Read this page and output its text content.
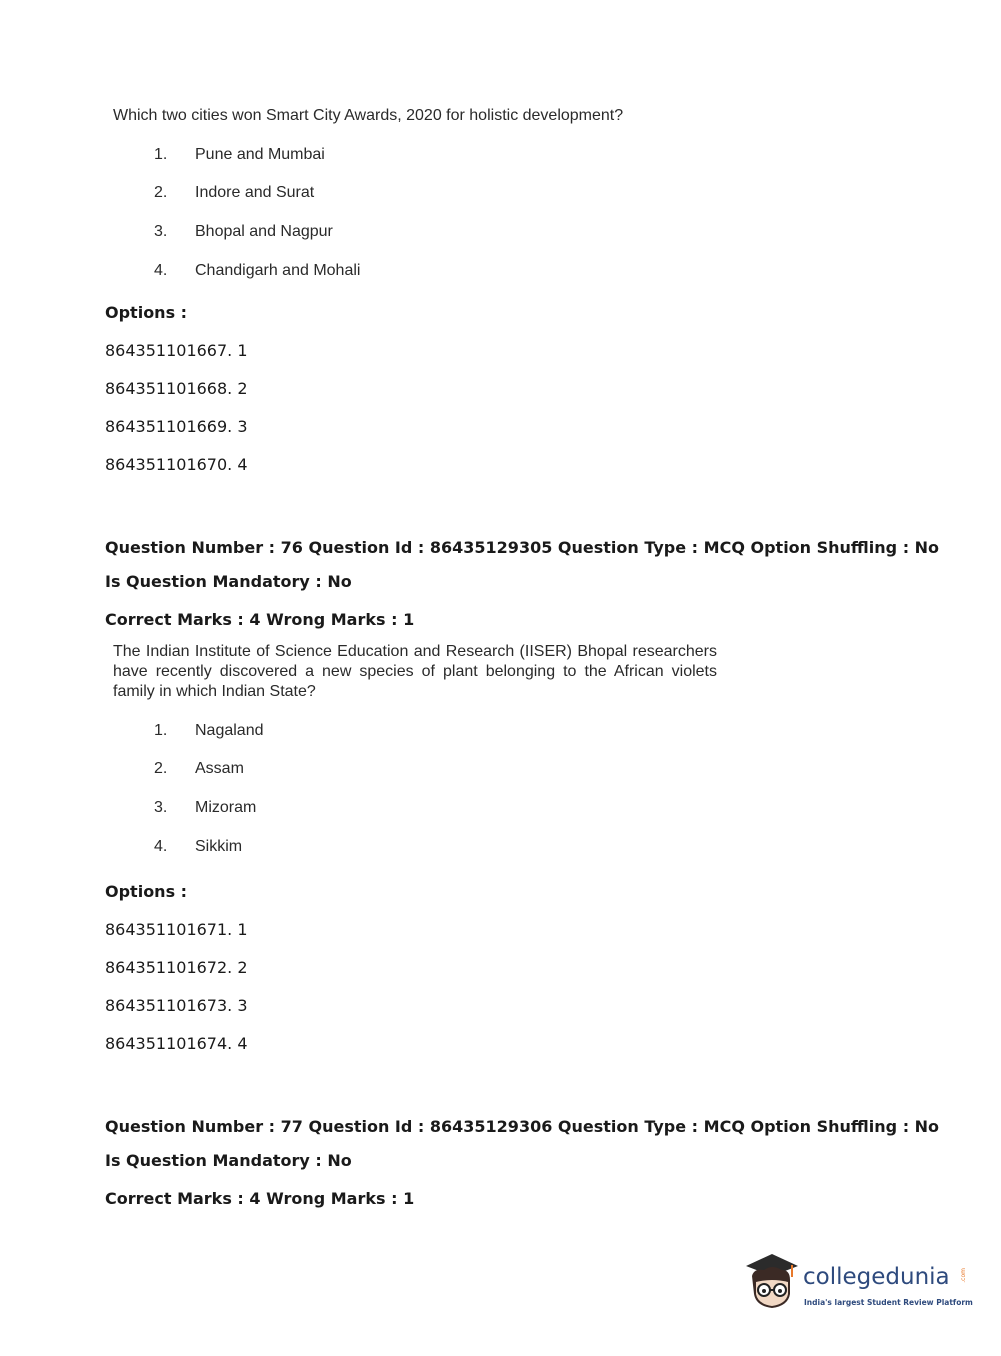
Which two cities won Smart City Awards, 2020 for holistic development?
1. Pune and Mumbai
2. Indore and Surat
3. Bhopal and Nagpur
4. Chandigarh and Mohali
Options :
864351101667. 1
864351101668. 2
864351101669. 3
864351101670. 4
Question Number : 76 Question Id : 86435129305 Question Type : MCQ Option Shuffling : No
Is Question Mandatory : No
Correct Marks : 4 Wrong Marks : 1
The Indian Institute of Science Education and Research (IISER) Bhopal researchers have recently discovered a new species of plant belonging to the African violets family in which Indian State?
1. Nagaland
2. Assam
3. Mizoram
4. Sikkim
Options :
864351101671. 1
864351101672. 2
864351101673. 3
864351101674. 4
Question Number : 77 Question Id : 86435129306 Question Type : MCQ Option Shuffling : No
Is Question Mandatory : No
Correct Marks : 4 Wrong Marks : 1
collegedunia .com
India's largest Student Review Platform
